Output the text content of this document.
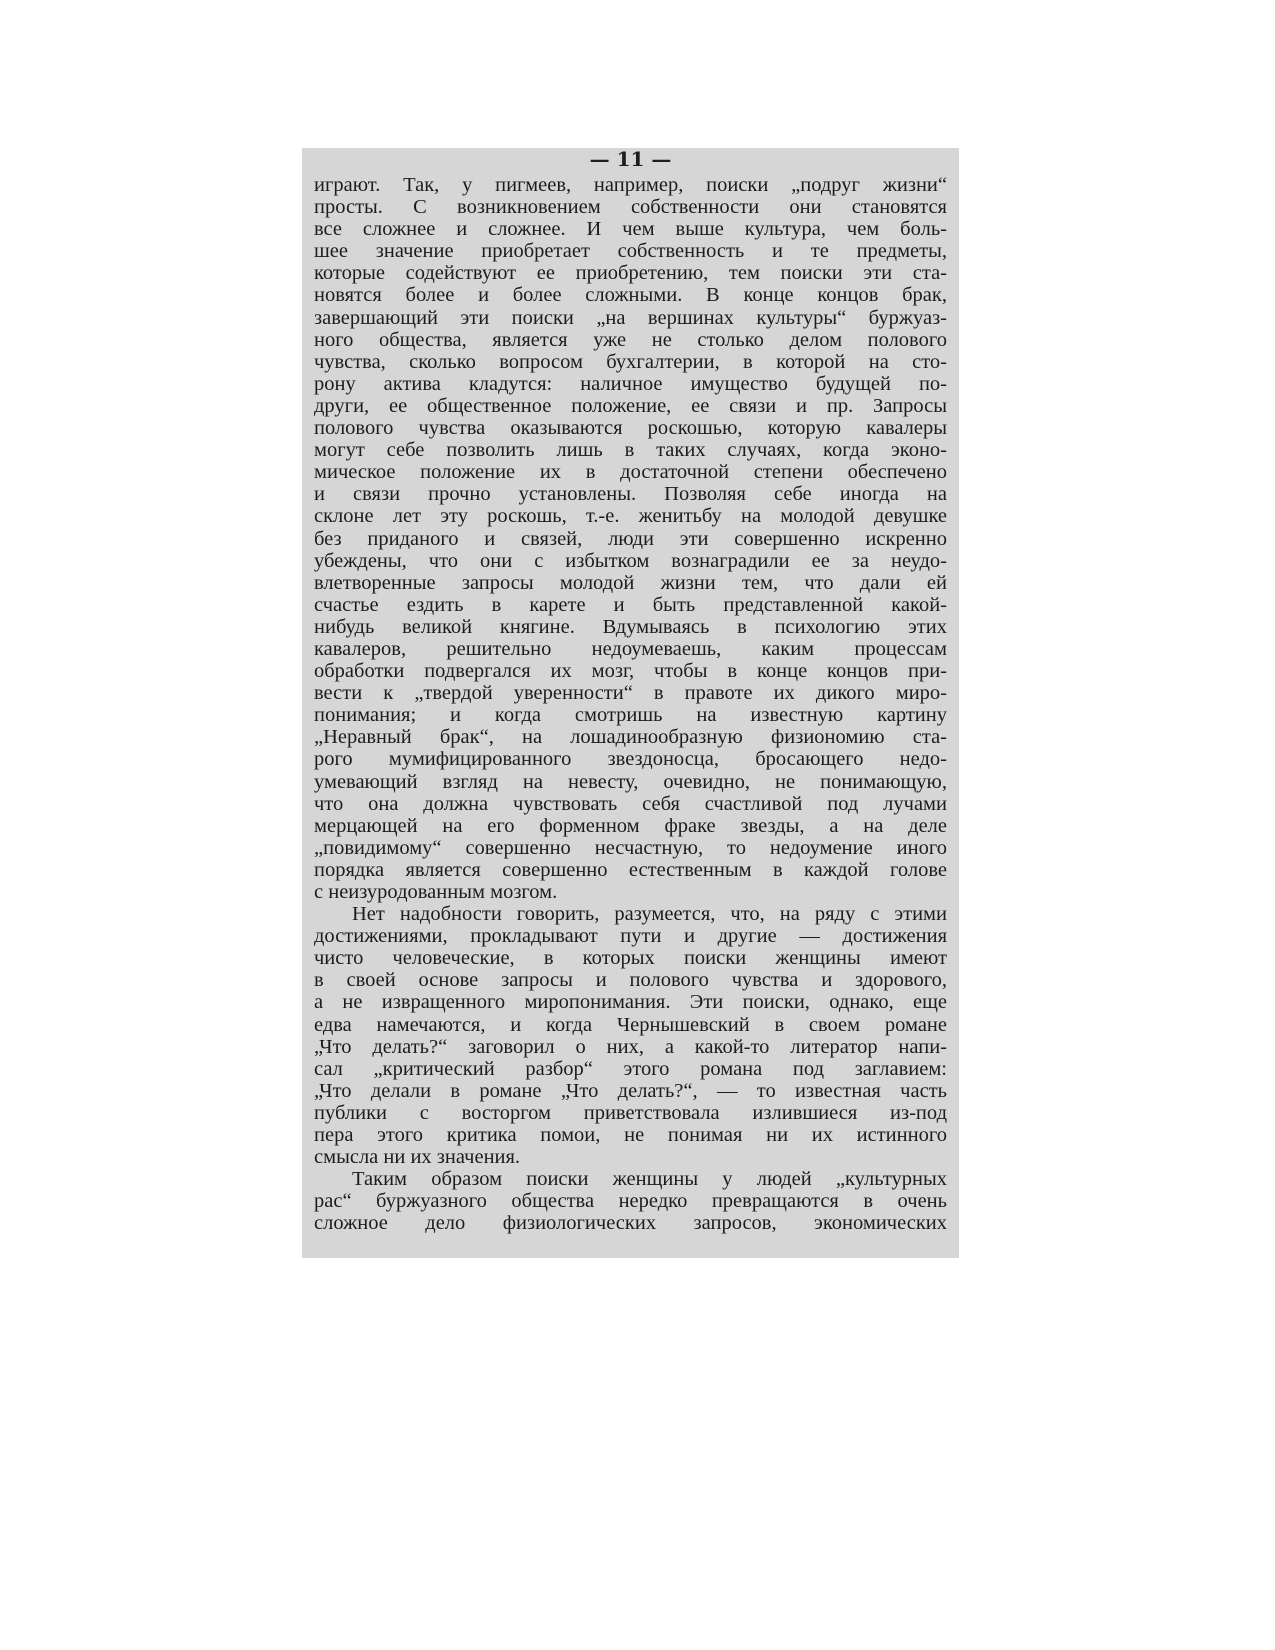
— 11 —
играют. Так, у пигмеев, например, поиски „подруг жизни“
просты. С возникновением собственности они становятся
все сложнее и сложнее. И чем выше культура, чем боль-
шее значение приобретает собственность и те предметы,
которые содействуют ее приобретению, тем поиски эти ста-
новятся более и более сложными. В конце концов брак,
завершающий эти поиски „на вершинах культуры“ буржуаз-
ного общества, является уже не столько делом полового
чувства, сколько вопросом бухгалтерии, в которой на сто-
рону актива кладутся: наличное имущество будущей по-
други, ее общественное положение, ее связи и пр. Запросы
полового чувства оказываются роскошью, которую кавалеры
могут себе позволить лишь в таких случаях, когда эконо-
мическое положение их в достаточной степени обеспечено
и связи прочно установлены. Позволяя себе иногда на
склоне лет эту роскошь, т.-е. женитьбу на молодой девушке
без приданого и связей, люди эти совершенно искренно
убеждены, что они с избытком вознаградили ее за неудо-
влетворенные запросы молодой жизни тем, что дали ей
счастье ездить в карете и быть представленной какой-
нибудь великой княгине. Вдумываясь в психологию этих
кавалеров, решительно недоумеваешь, каким процессам
обработки подвергался их мозг, чтобы в конце концов при-
вести к „твердой уверенности“ в правоте их дикого миро-
понимания; и когда смотришь на известную картину
„Неравный брак“, на лошадинообразную физиономию ста-
рого мумифицированного звездоносца, бросающего недо-
умевающий взгляд на невесту, очевидно, не понимающую,
что она должна чувствовать себя счастливой под лучами
мерцающей на его форменном фраке звезды, а на деле
„повидимому“ совершенно несчастную, то недоумение иного
порядка является совершенно естественным в каждой голове
с неизуродованным мозгом.
Нет надобности говорить, разумеется, что, на ряду с этими
достижениями, прокладывают пути и другие — достижения
чисто человеческие, в которых поиски женщины имеют
в своей основе запросы и полового чувства и здорового,
а не извращенного миропонимания. Эти поиски, однако, еще
едва намечаются, и когда Чернышевский в своем романе
„Что делать?“ заговорил о них, а какой-то литератор напи-
сал „критический разбор“ этого романа под заглавием:
„Что делали в романе „Что делать?“, — то известная часть
публики с восторгом приветствовала излившиеся из-под
пера этого критика помои, не понимая ни их истинного
смысла ни их значения.
Таким образом поиски женщины у людей „культурных
рас“ буржуазного общества нередко превращаются в очень
сложное дело физиологических запросов, экономических
